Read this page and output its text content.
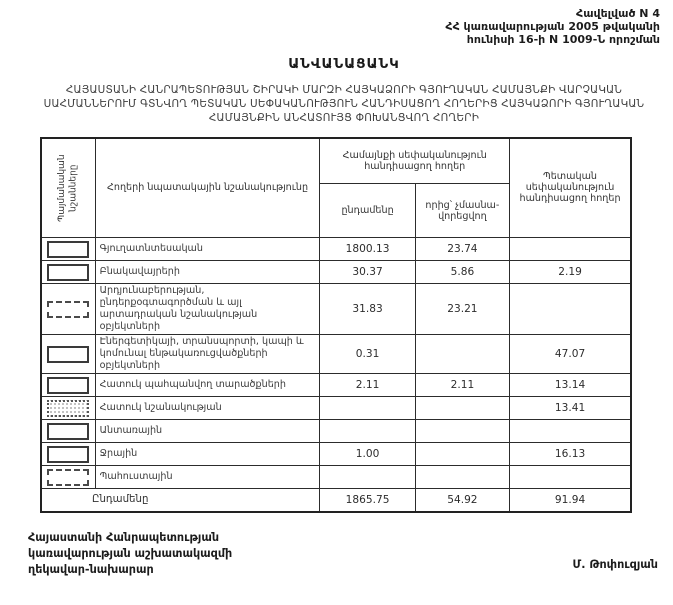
Հավելված N 4
ՀՀ կառավարության 2005 թվականի
հունիսի 16-ի N 1009-Ն որոշման
ԱՆՎԱՆԱՑԱՆԿ
ՀԱՅԱՍՏԱՆԻ ՀԱՆՐԱՊԵՏՈՒԹՅԱՆ ՇԻՐԱԿԻ ՄԱՐԶԻ ՀԱՅԿԱՁՈՐԻ ԳՅՈՒՂԱԿԱՆ ՀԱՄԱՅՆՔԻ ՎԱՐՉԱԿԱՆ ՍԱՀՄԱՆՆԵՐՈՒՄ ԳՏՆՎՈՂ ՊԵՏԱԿԱՆ ՍԵՓԱԿԱՆՈՒԹՅՈՒՆ ՀԱՆԴԻՍԱՑՈՂ ՀՈՂԵՐԻՑ ՀԱՅԿԱՁՈՐԻ ԳՅՈՒՂԱԿԱՆ ՀԱՄԱՅՆՔԻՆ ԱՆՀԱՏՈՒՅՑ ՓՈԽԱՆՑՎՈՂ ՀՈՂԵՐԻ
Պայմանական նշանները	Հողերի նպատակային նշանակությունը	Համայնքի սեփականություն հանդիսացող հողեր		Պետական սեփականություն հանդիսացող հողեր
		ընդամենը	որից՝ չմասնա-վորեցվող	
	Գյուղատնտեսական	1800.13	23.74	
	Բնակավայրերի	30.37	5.86	2.19
	Արդյունաբերության, ընդերքօգտագործման և այլ արտադրական նշանակության օբյեկտների	31.83	23.21	
	Էներգետիկայի, տրանսպորտի, կապի և կոմունալ ենթակառուցվածքների օբյեկտների	0.31		47.07
	Հատուկ պահպանվող տարածքների	2.11	2.11	13.14
	Հատուկ նշանակության			13.41
	Անտառային			
	Ջրային	1.00		16.13
	Պահուստային			
Ընդամենը		1865.75	54.92	91.94
Հայաստանի Հանրապետության
կառավարության աշխատակազմի
ղեկավար-նախարար	Մ. Թոփուզյան
